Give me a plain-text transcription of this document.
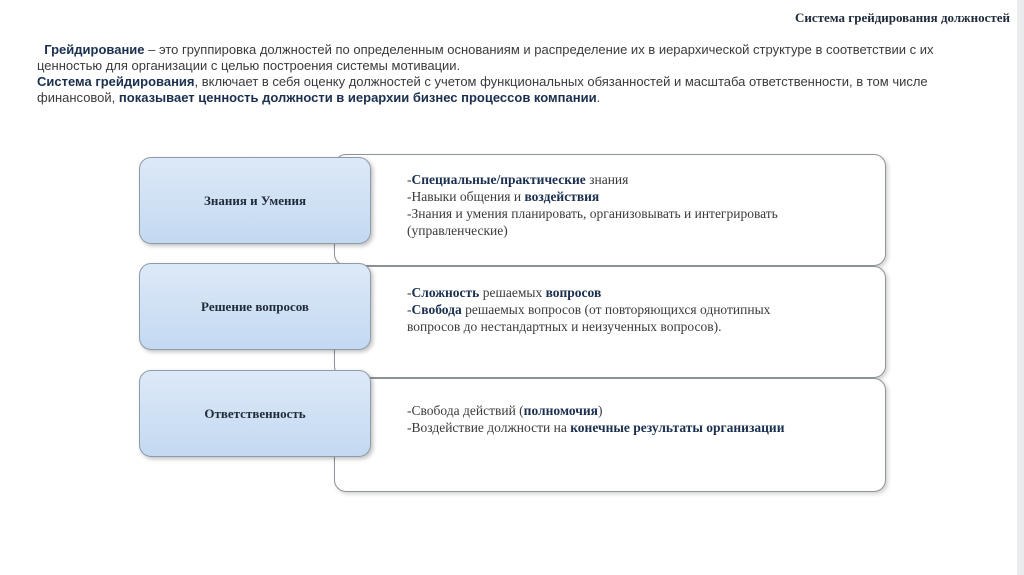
Система грейдирования должностей
Грейдирование – это группировка должностей по определенным основаниям и распределение их в иерархической структуре в соответствии с их ценностью для организации с целью построения системы мотивации.
Система грейдирования, включает в себя оценку должностей с учетом функциональных обязанностей и масштаба ответственности, в том числе финансовой, показывает ценность должности в иерархии бизнес процессов компании.
Знания и Умения
-Специальные/практические знания
-Навыки общения и воздействия
-Знания и умения планировать, организовывать и интегрировать (управленческие)
Решение вопросов
-Сложность решаемых вопросов
-Свобода решаемых вопросов (от повторяющихся однотипных вопросов до нестандартных и неизученных вопросов).
Ответственность	-Свобода действий (полномочия)
-Воздействие должности на конечные результаты организации
